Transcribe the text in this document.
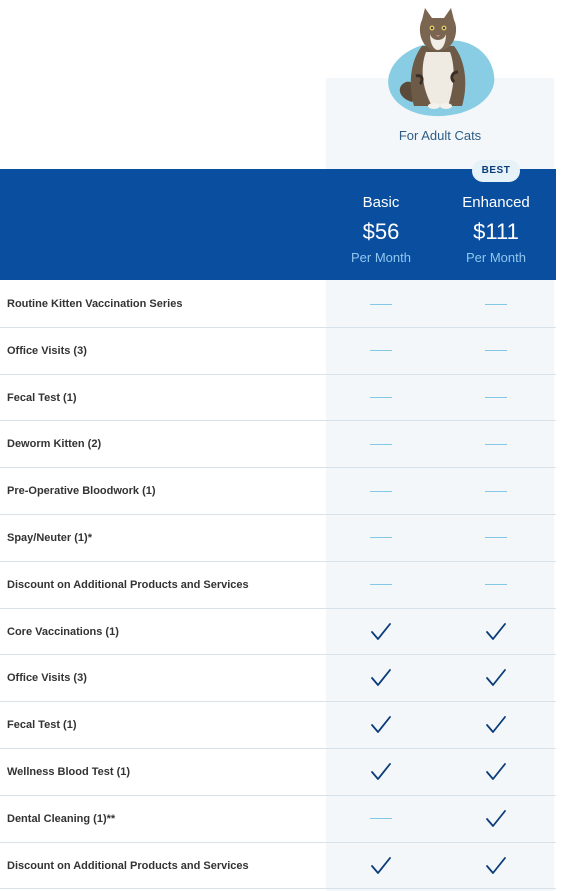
For Adult Cats
BEST
Basic
$56
Per Month
Enhanced
$111
Per Month
Routine Kitten Vaccination Series
Office Visits (3)
Fecal Test (1)
Deworm Kitten (2)
Pre-Operative Bloodwork (1)
Spay/Neuter (1)*
Discount on Additional Products and Services
Core Vaccinations (1)
Office Visits (3)
Fecal Test (1)
Wellness Blood Test (1)
Dental Cleaning (1)**
Discount on Additional Products and Services
